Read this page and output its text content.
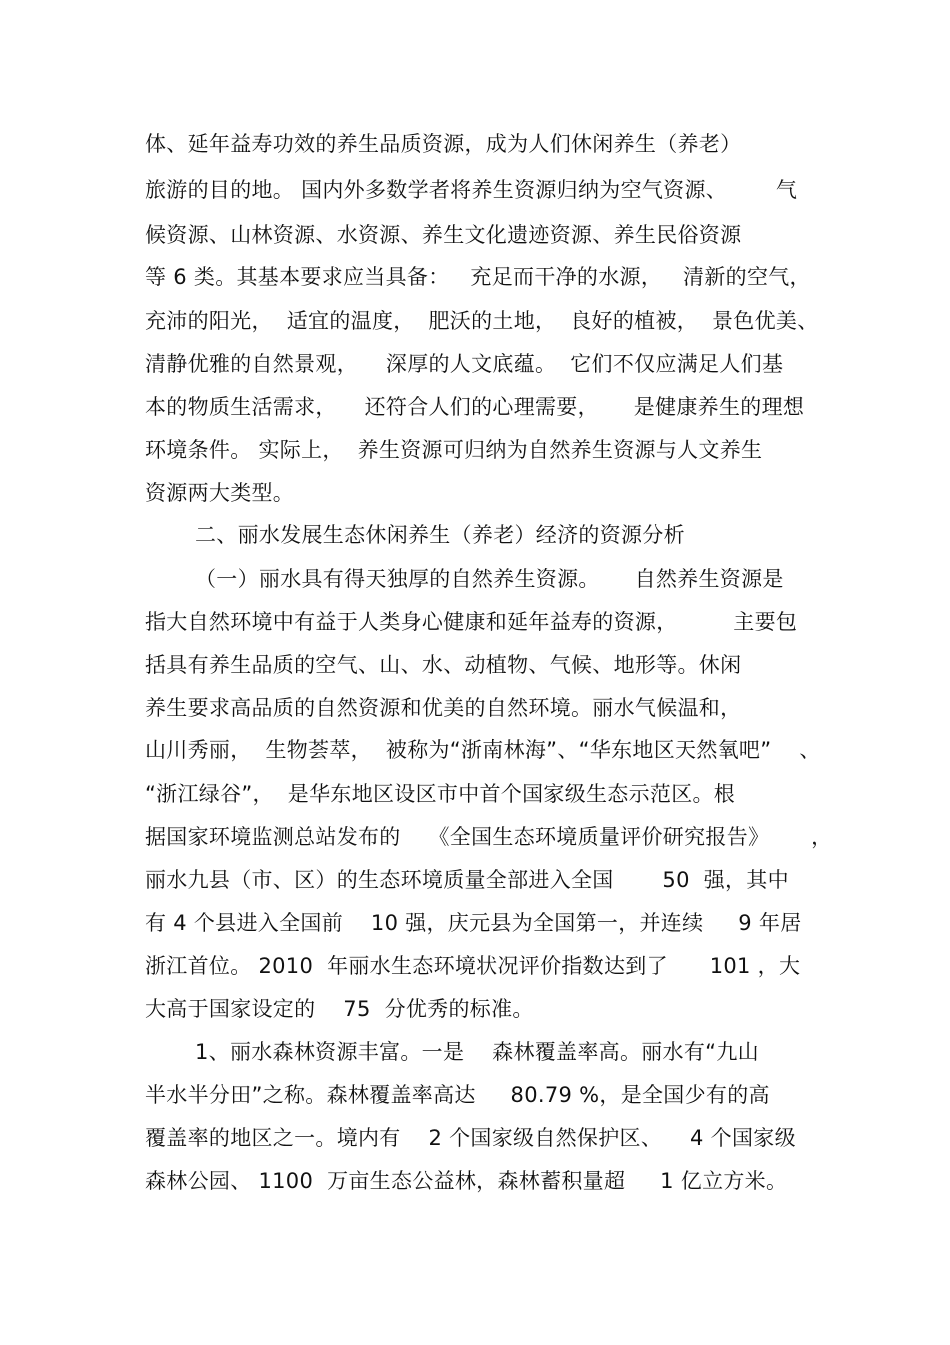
体、延年益寿功效的养生品质资源，成为人们休闲养生（养老）
旅游的目的地。 国内外多数学者将养生资源归纳为空气资源、       气
候资源、山林资源、水资源、养生文化遗迹资源、养生民俗资源
等 6 类。其基本要求应当具备：   充足而干净的水源，   清新的空气，
充沛的阳光，  适宜的温度，  肥沃的土地，  良好的植被，  景色优美、
清静优雅的自然景观，    深厚的人文底蕴。  它们不仅应满足人们基
本的物质生活需求，    还符合人们的心理需要，     是健康养生的理想
环境条件。 实际上，  养生资源可归纳为自然养生资源与人文养生
资源两大类型。
二、丽水发展生态休闲养生（养老）经济的资源分析
（一）丽水具有得天独厚的自然养生资源。     自然养生资源是
指大自然环境中有益于人类身心健康和延年益寿的资源，        主要包
括具有养生品质的空气、山、水、动植物、气候、地形等。休闲
养生要求高品质的自然资源和优美的自然环境。丽水气候温和，
山川秀丽，  生物荟萃，  被称为“浙南林海”、“华东地区天然氧吧”    、
“浙江绿谷”，  是华东地区设区市中首个国家级生态示范区。根
据国家环境监测总站发布的    《全国生态环境质量评价研究报告》      ，
丽水九县（市、区）的生态环境质量全部进入全国       50  强，其中
有 4 个县进入全国前    10 强，庆元县为全国第一，并连续     9 年居
浙江首位。 2010  年丽水生态环境状况评价指数达到了      101 ，大
大高于国家设定的    75  分优秀的标准。
1、丽水森林资源丰富。一是    森林覆盖率高。丽水有“九山
半水半分田”之称。森林覆盖率高达     80.79 %，是全国少有的高
覆盖率的地区之一。境内有    2 个国家级自然保护区、    4 个国家级
森林公园、 1100  万亩生态公益林，森林蓄积量超     1 亿立方米。
